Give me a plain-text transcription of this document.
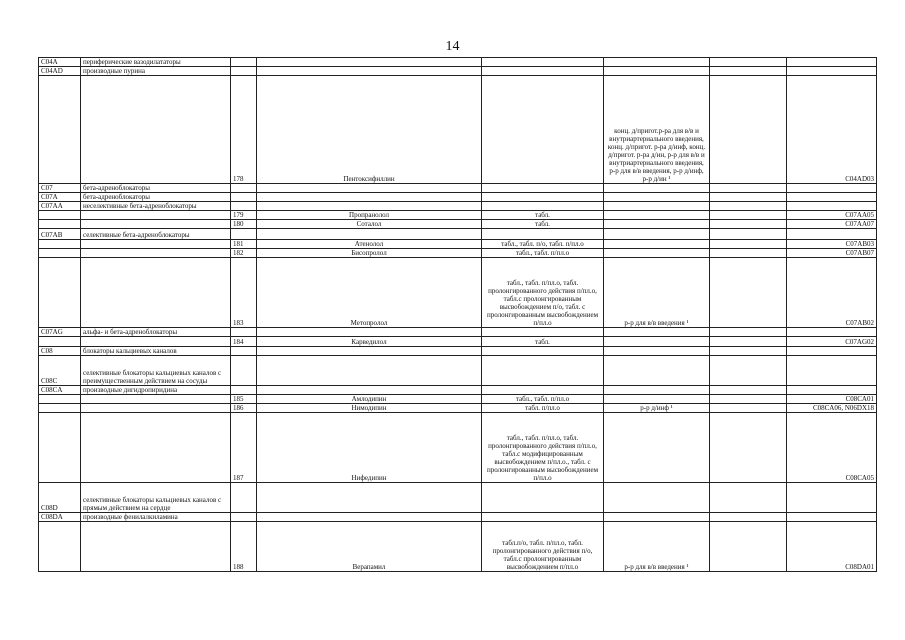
14
C04A	периферические вазодилататоры						
C04AD	производные пурина						
		178	Пентоксифиллин		конц. д/пригот.р-ра для в/в и внутриартериального введения, конц. д/пригот. р-ра д/инф, конц. д/пригот. р-ра д/ин, р-р для в/в и внутриартериального введения, р-р для в/в введения, р-р д/инф, р-р д/ин ¹		C04AD03
C07	бета-адреноблокаторы						
C07A	бета-адреноблокаторы						
C07AA	неселективные бета-адреноблокаторы						
		179	Пропранолол	табл.			C07AA05
		180	Соталол	табл.			C07AA07
C07AB	селективные бета-адреноблокаторы						
		181	Атенолол	табл., табл. п/о, табл. п/пл.о			C07AB03
		182	Бисопролол	табл., табл. п/пл.о			C07AB07
		183	Метопролол	табл., табл. п/пл.о, табл. пролонгированного действия п/пл.о, табл.с пролонгированным высвобождением п/о, табл. с пролонгированным высвобождением п/пл.о	р-р для в/в введения ¹		C07AB02
C07AG	альфа- и бета-адреноблокаторы						
		184	Карведилол	табл.			C07AG02
C08	блокаторы кальциевых каналов						
C08C	селективные блокаторы кальциевых каналов с преимущественным действием на сосуды						
C08CA	производные дигидропиридина						
		185	Амлодипин	табл., табл. п/пл.о			C08CA01
		186	Нимодипин	табл. п/пл.о	р-р д/инф ¹		C08CA06, N06DX18
		187	Нифедипин	табл., табл. п/пл.о, табл. пролонгированного действия п/пл.о, табл.с модифицированным высвобождением п/пл.о., табл. с пролонгированным высвобождением п/пл.о			C08CA05
C08D	селективные блокаторы кальциевых каналов с прямым действием на сердце						
C08DA	производные фенилалкиламина						
		188	Верапамил	табл.п/о, табл. п/пл.о, табл. пролонгированного действия п/о, табл.с пролонгированным высвобождением п/пл.о	р-р для в/в введения ¹		C08DA01
